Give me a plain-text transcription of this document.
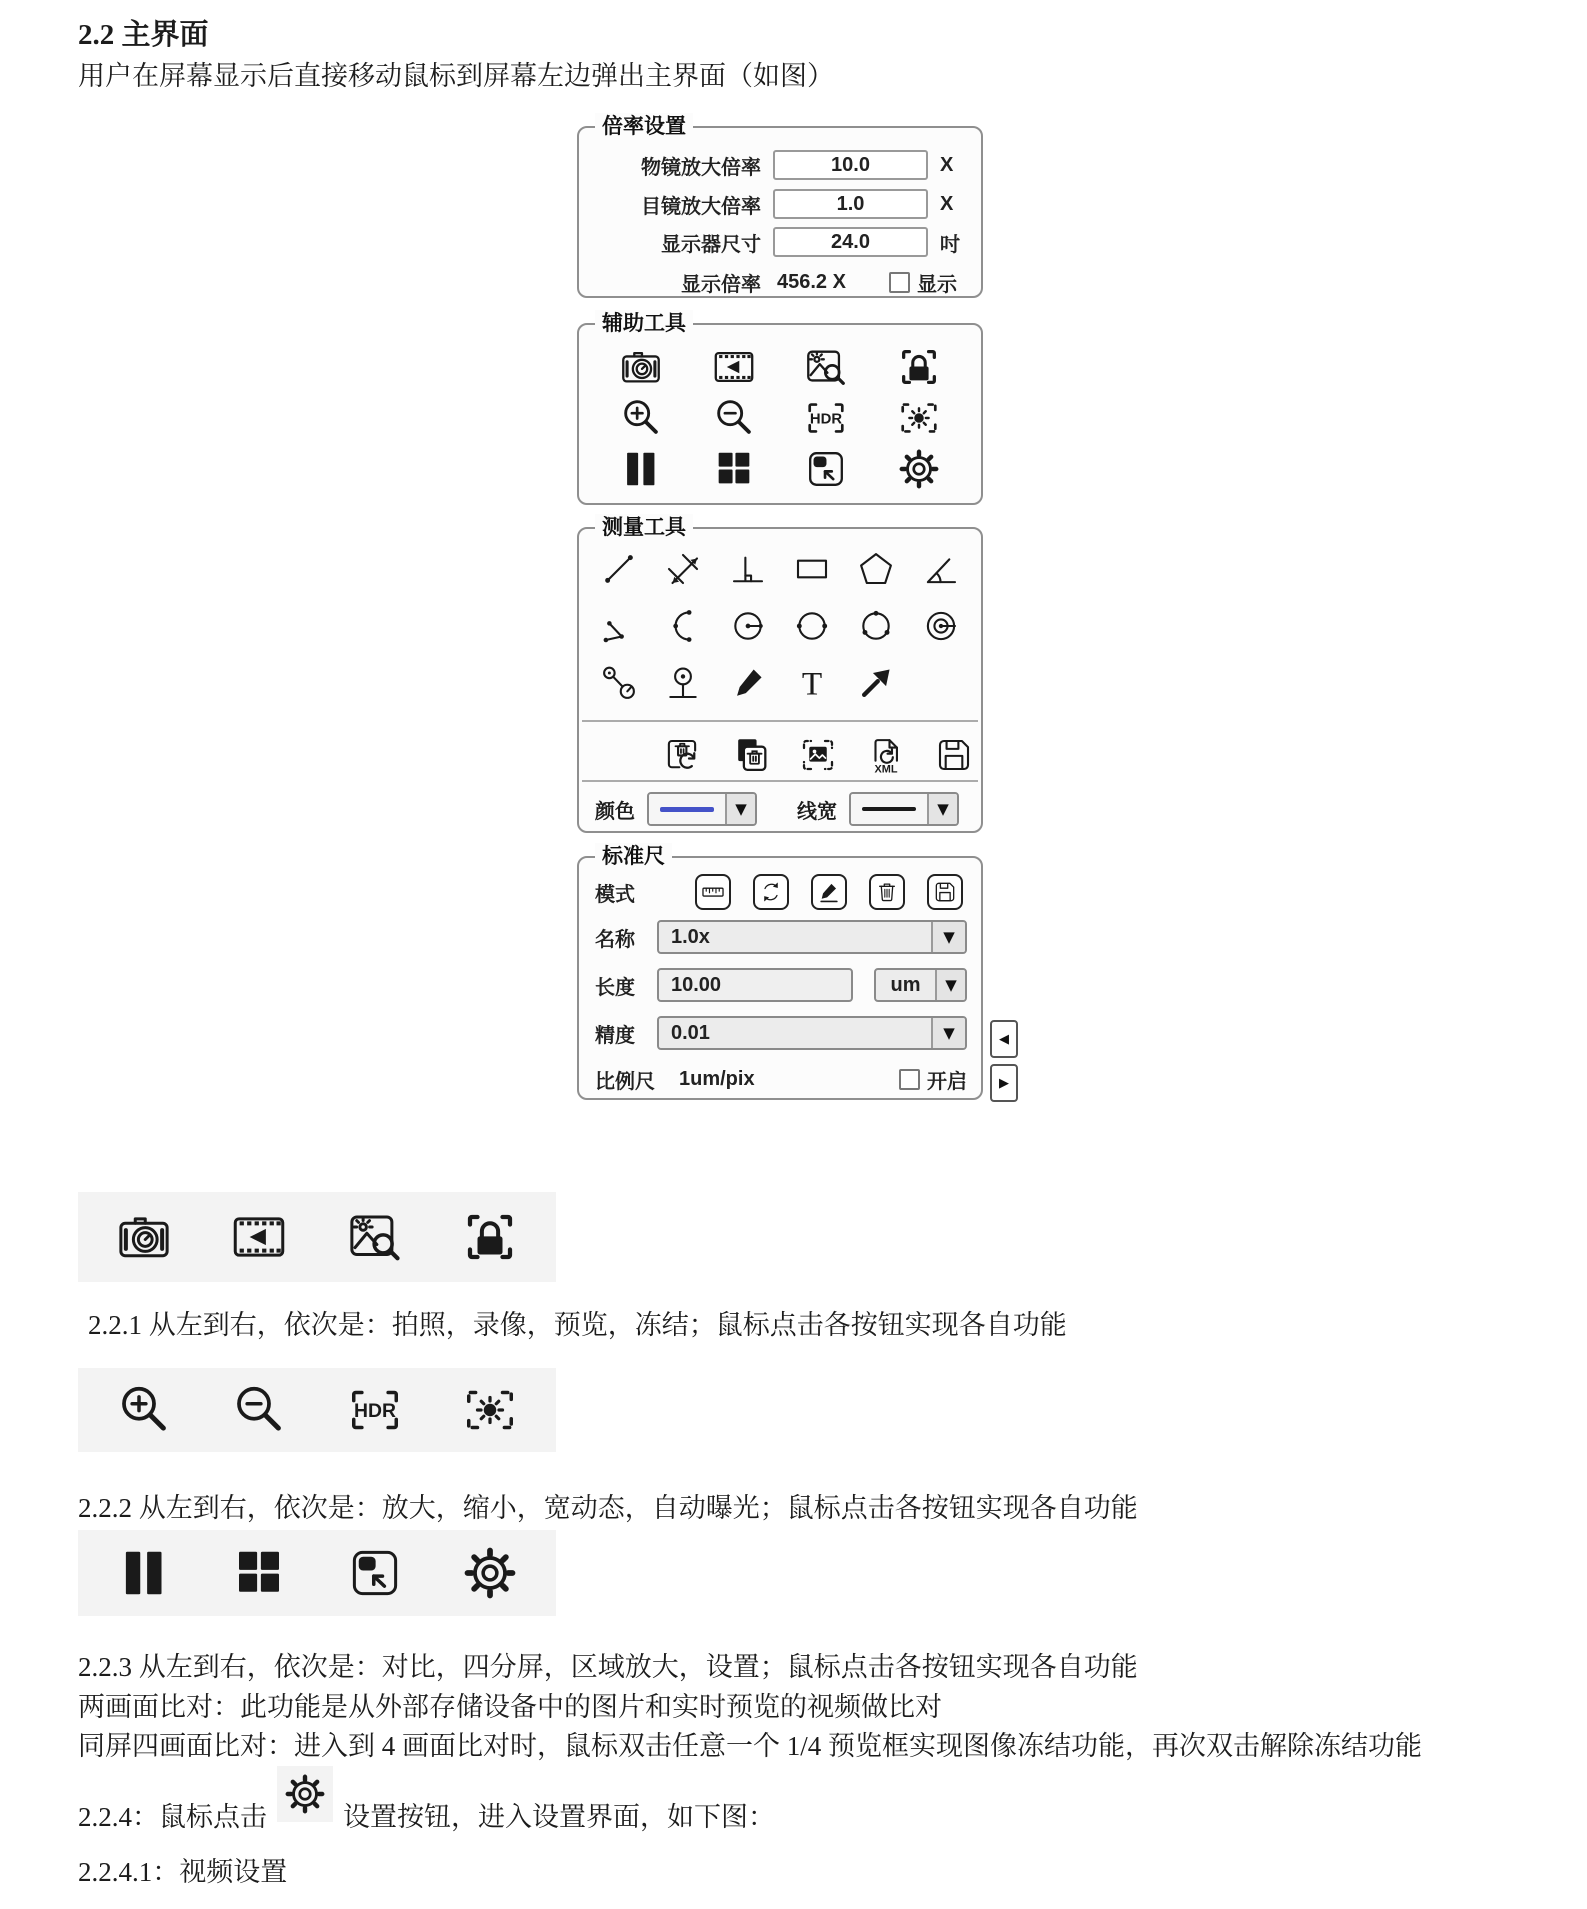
2.2 主界面
用户在屏幕显示后直接移动鼠标到屏幕左边弹出主界面（如图）
倍率设置
物镜放大倍率	10.0	X
目镜放大倍率	1.0	X
显示器尺寸	24.0	吋
显示倍率 456.2 X	显示
辅助工具
HDR
测量工具
T
XML
颜色	▼	线宽	▼
标准尺
模式
名称	1.0x	▼
长度	10.00	um	▼
精度	0.01	▼
比例尺	1um/pix	开启
◀
▶
2.2.1 从左到右，依次是：拍照，录像，预览，冻结；鼠标点击各按钮实现各自功能
HDR
2.2.2 从左到右，依次是：放大，缩小，宽动态，自动曝光；鼠标点击各按钮实现各自功能
2.2.3 从左到右，依次是：对比，四分屏，区域放大，设置；鼠标点击各按钮实现各自功能
两画面比对：此功能是从外部存储设备中的图片和实时预览的视频做比对
同屏四画面比对：进入到 4 画面比对时，鼠标双击任意一个 1/4 预览框实现图像冻结功能，再次双击解除冻结功能
2.2.4：鼠标点击	设置按钮，进入设置界面，如下图：
2.2.4.1：视频设置
